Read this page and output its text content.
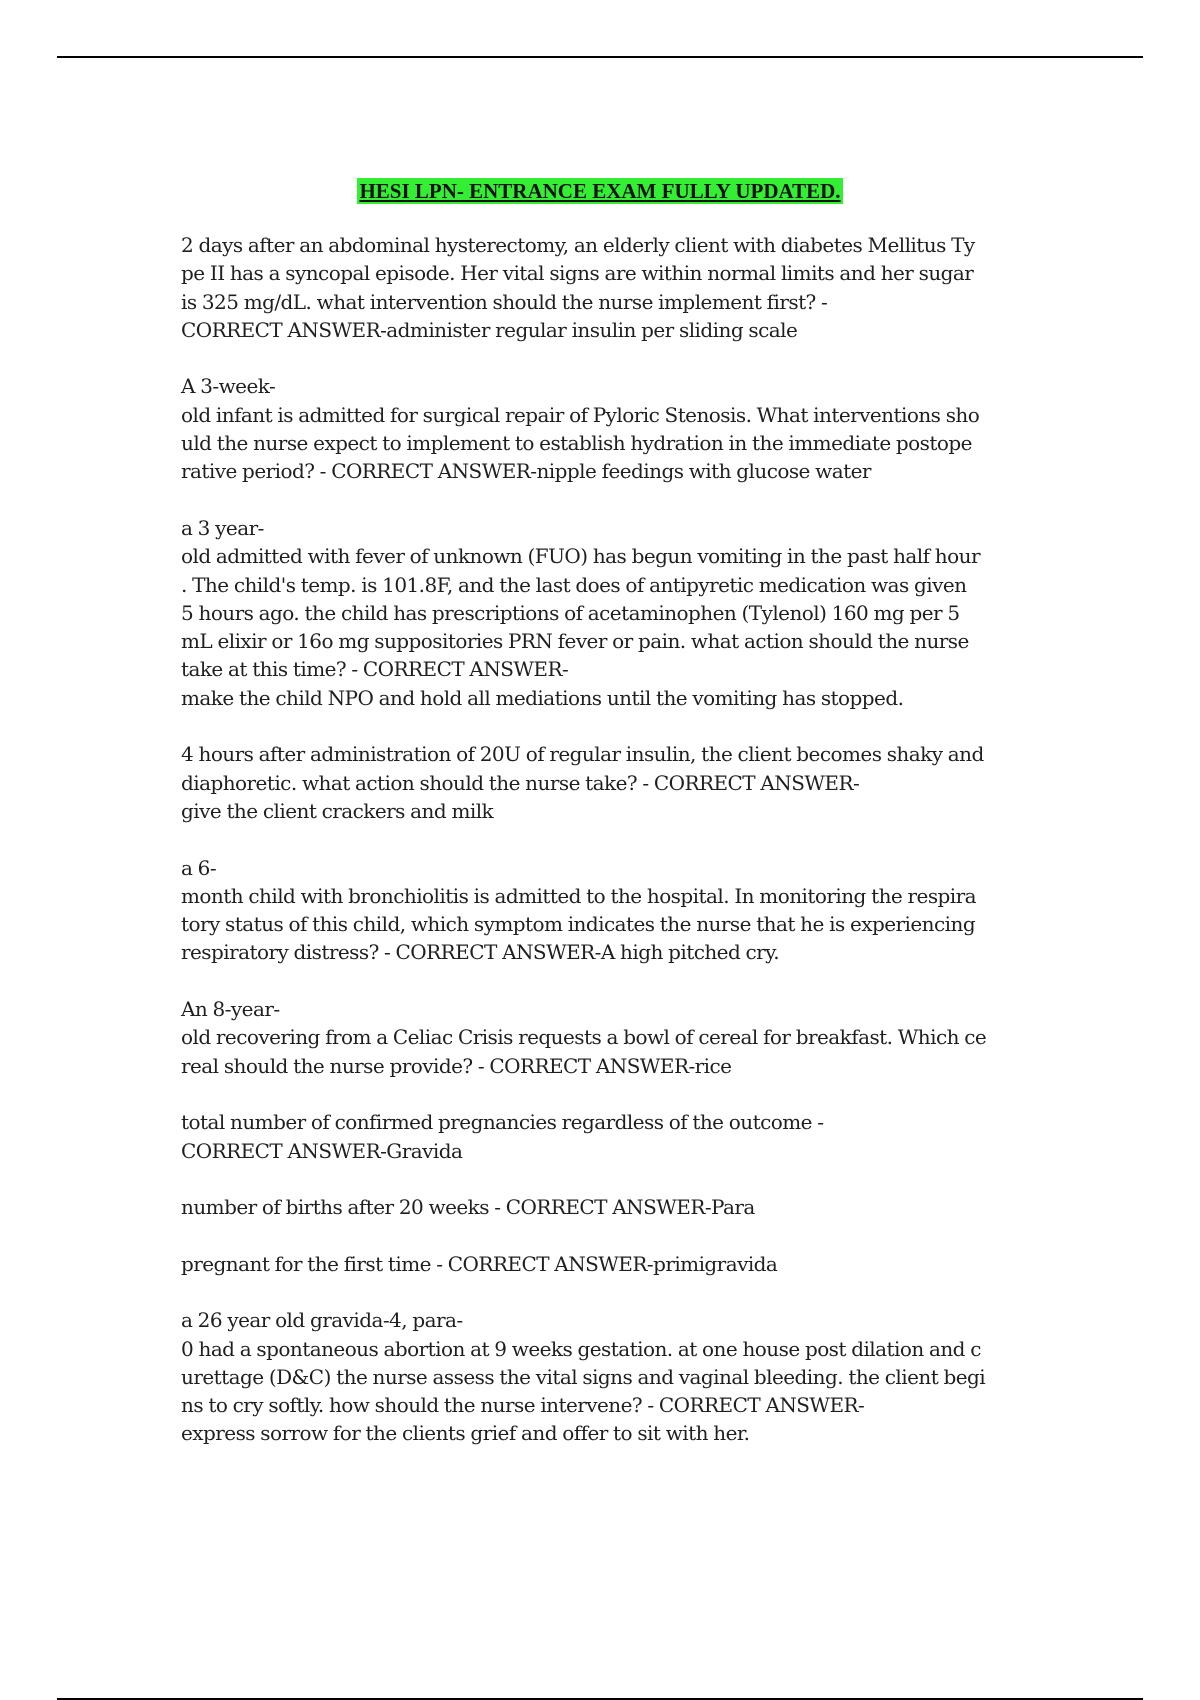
HESI LPN- ENTRANCE EXAM FULLY UPDATED.

2 days after an abdominal hysterectomy, an elderly client with diabetes Mellitus Ty
pe II has a syncopal episode. Her vital signs are within normal limits and her sugar
is 325 mg/dL. what intervention should the nurse implement first? -
CORRECT ANSWER-administer regular insulin per sliding scale

A 3-week-
old infant is admitted for surgical repair of Pyloric Stenosis. What interventions sho
uld the nurse expect to implement to establish hydration in the immediate postope
rative period? - CORRECT ANSWER-nipple feedings with glucose water

a 3 year-
old admitted with fever of unknown (FUO) has begun vomiting in the past half hour
. The child's temp. is 101.8F, and the last does of antipyretic medication was given
5 hours ago. the child has prescriptions of acetaminophen (Tylenol) 160 mg per 5
mL elixir or 16o mg suppositories PRN fever or pain. what action should the nurse
take at this time? - CORRECT ANSWER-
make the child NPO and hold all mediations until the vomiting has stopped.

4 hours after administration of 20U of regular insulin, the client becomes shaky and
diaphoretic. what action should the nurse take? - CORRECT ANSWER-
give the client crackers and milk

a 6-
month child with bronchiolitis is admitted to the hospital. In monitoring the respira
tory status of this child, which symptom indicates the nurse that he is experiencing
respiratory distress? - CORRECT ANSWER-A high pitched cry.

An 8-year-
old recovering from a Celiac Crisis requests a bowl of cereal for breakfast. Which ce
real should the nurse provide? - CORRECT ANSWER-rice

total number of confirmed pregnancies regardless of the outcome -
CORRECT ANSWER-Gravida

number of births after 20 weeks - CORRECT ANSWER-Para

pregnant for the first time - CORRECT ANSWER-primigravida

a 26 year old gravida-4, para-
0 had a spontaneous abortion at 9 weeks gestation. at one house post dilation and c
urettage (D&C) the nurse assess the vital signs and vaginal bleeding. the client begi
ns to cry softly. how should the nurse intervene? - CORRECT ANSWER-
express sorrow for the clients grief and offer to sit with her.
